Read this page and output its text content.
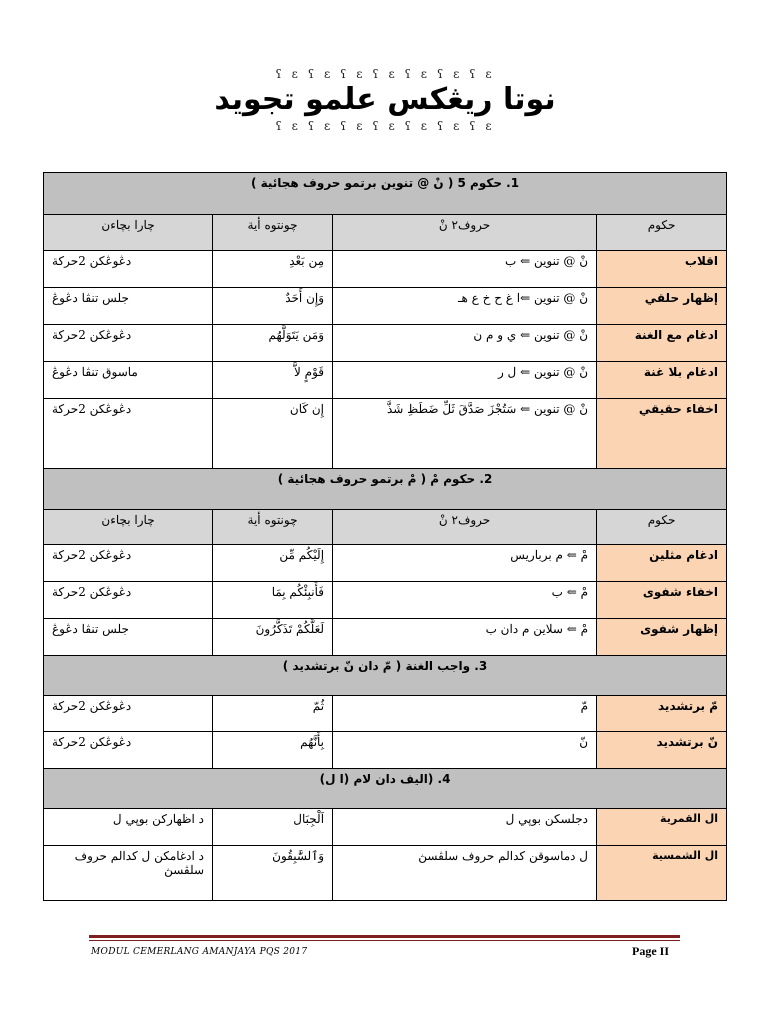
ʕ ɛ ʕ ɛ ʕ ɛ ʕ ɛ ʕ ɛ ʕ ɛ ʕ ɛ
نوتا ريڠکس علمو تجويد
ʕ ɛ ʕ ɛ ʕ ɛ ʕ ɛ ʕ ɛ ʕ ɛ ʕ ɛ
1. حکوم 5 ( نْ @ تنوين برتمو حروف هجائية )			
حکوم	حروف٢ نْ	چونتوه أية	چارا بچاءن
اقلاب	نْ @ تنوين ⇐ ب	مِن بَعْدِ	دڠوڠکن 2حرکة
إظهار حلقي	نْ @ تنوين ⇐ا غ ح خ ع هـ	وَإِن أَحَدٌ	جلس تنڤا دڠوڠ
ادغام مع الغنة	نْ @ تنوين ⇐ ي و م ن	وَمَن يَتَوَلَّهُم	دڠوڠکن 2حرکة
ادغام بلا غنة	نْ @ تنوين ⇐ ل ر	قَوْمٍ لاَّ	ماسوق تنڤا دڠوڠ
اخفاء حقيقي	نْ @ تنوين ⇐ سَتُجْزَ صَدَّقَ ثَلِّ ضَطَظِ شَذَّ	إِن كَان	دڠوڠکن 2حرکة
2. حکوم مْ ( مْ برتمو حروف هجائية )			
حکوم	حروف٢ نْ	چونتوه أية	چارا بچاءن
ادغام مثلين	مْ ⇐ م برباريس	إِلَيْكُم مِّن	دڠوڠکن 2حرکة
اخفاء شفوى	مْ ⇐ ب	فَأَنبِئْكُم بِمَا	دڠوڠکن 2حرکة
إظهار شفوى	مْ ⇐ سلاين م دان ب	لَعَلَّكُمْ تَذَكَّرُونَ	جلس تنڤا دڠوڠ
3. واجب الغنة ( مّ دان نّ برتشديد )			
مّ برتشديد	مّ	ثُمّ	دڠوڠکن 2حرکة
نّ برتشديد	نّ	بِأَنَّهُم	دڠوڠکن 2حرکة
4. (اليف دان لام (ا ل)			
ال القمرية	دجلسکن بوڽي ل	اَلْجِبَال	د اظهارکن بوڽي ل
ال الشمسية	ل دماسوقن کدالم حروف سلڤسڽ	وَٱلسَّٰبِقُونَ	د ادغامکن ل کدالم حروف سلڤسڽ
MODUL CEMERLANG AMANJAYA PQS 2017	Page II
